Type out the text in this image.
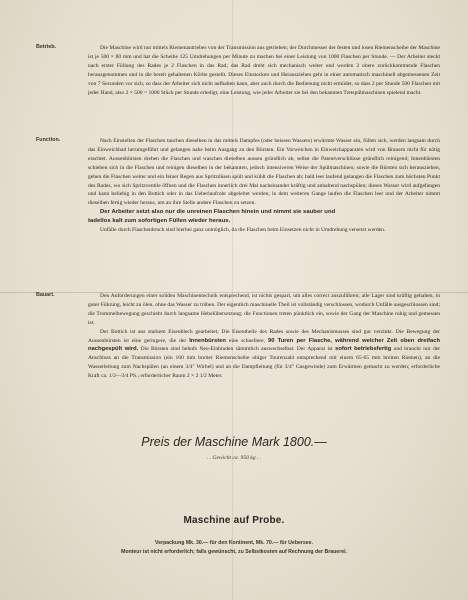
Betrieb.	Die Maschine wird nur mittels Riemenantriebes von der Transmission aus getrieben; der Durchmesser der festen und losen Riemenscheibe der Maschine ist je 500 × 80 mm und hat die Scheibe 125 Umdrehungen per Minute zu machen bei einer Leistung von 1000 Flaschen per Stunde. — Der Arbeiter steckt nach erster Füllung des Rades je 2 Flaschen in das Rad; das Rad dreht sich mechanisch weiter und werden 2 obere zurückkommende Flaschen herausgenommen und in die bereit gehaltenen Körbe gestellt. Dieses Einstecken und Herausziehen geht in einer automatisch maschinell abgemessenen Zeit von 7 Secunden vor sich, so dass der Arbeiter sich nicht aufhalten kann, aber auch durch die Bedienung nicht ermüdet, so dass 2 per Stunde 500 Flaschen mit jeder Hand, also 2 × 500 = 1000 Stück per Stunde erledigt, eine Leistung, wie jeder Arbeiter sie bei den bekannten Tretspülmaschinen spielend macht.

Function.	Nach Einstellen der Flaschen tauchen dieselben in das mittels Dampfes (oder heissen Wassers) erwärmte Wasser ein, füllen sich, werden langsam durch das Einweichbad herumgeführt und gelangen nahe beim Ausgang zu den Bürsten. Ein Vorweichen in Einweichapparaten wird von Brauern nicht für nötig erachtet. Aussenbürsten drehen die Flaschen und waschen dieselben aussen gründlich ab, selbst die Patentverschlüsse gründlich reinigend; Innenbürsten schieben sich in die Flaschen und reinigen dieselben in der bekannten, jedoch intensiveren Weise der Spülmaschinen; sowie die Bürsten sich herausziehen, gehen die Flaschen weiter und ein feiner Regen aus Spritzdüsen spült und kühlt die Flaschen ab; bald leer laufend gelangen die Flaschen zum höchsten Punkt des Rades, wo sich Spritzventile öffnen und die Flaschen innerlich drei Mal nacheinander kräftig und anhaltend nachspülen; dieses Wasser wird aufgefangen und kann beliebig in den Bottich oder in das Ueberlaufrohr abgeleitet werden; in dem weiteren Gange laufen die Flaschen leer und der Arbeiter nimmt dieselben fertig wieder heraus, um an ihre Stelle andere Flaschen zu setzen.

Der Arbeiter setzt also nur die unreinen Flaschen hinein und nimmt sie sauber und

tadellos kalt zum sofortigen Füllen wieder heraus.

Unfälle durch Flaschenbruch sind hierbei ganz unmöglich, da die Flaschen beim Einsetzen nicht in Umdrehung versetzt werden.

Bauart.	Den Anforderungen einer soliden Maschinentechnik entsprechend, ist nichts gespart, um alles correct auszuführen; alle Lager sind kräftig gehalten, in guter Führung, leicht zu ölen, ohne das Wasser zu trüben. Der eigentlich maschinelle Theil ist vollständig verschlossen, wodurch Unfälle ausgeschlossen sind; die Trommelbewegung geschieht durch langsame Hebelübersetzung; die Functionen treten pünktlich ein, sowie der Gang der Maschine ruhig und gemessen ist.

Der Bottich ist aus starkem Eisenblech gearbeitet; Die Eisentheile des Rades sowie des Mechanismusses sind gut verzinkt. Die Bewegung der Aussenbürsten ist eine geringere, die der Innenbürsten eine schnellere, 90 Turen per Flasche, während welcher Zeit oben dreifach nachgespült wird. Die Bürsten sind behufs Neu-Einbinden sämmtlich auswechselbar. Der Apparat ist sofort betriebsfertig und braucht nur der Anschluss an die Transmission (ein 160 mm breiter Riemenscheibe obiger Tourenzahl entsprechend mit einem 65-65 mm breiten Riemen), an die Wasserleitung zum Nachspülen (an einem 3/4" Wirbel) und an die Dampfleitung (für 3/4" Gasgewinde) zum Erwärmen gemacht zu werden; erforderliche Kraft ca. 1/2—3/4 PS.; erforderlicher Raum 2 × 2 1/2 Meter.

Preis der Maschine Mark 1800.—
. . Gewicht ca. 950 kg . .
Maschine auf Probe.
Verpackung Mk. 30.— für den Kontinent, Mk. 70.— für Uebersee.
Monteur ist nicht erforderlich; falls gewünscht, zu Selbstkosten auf Rechnung der Brauerei.
